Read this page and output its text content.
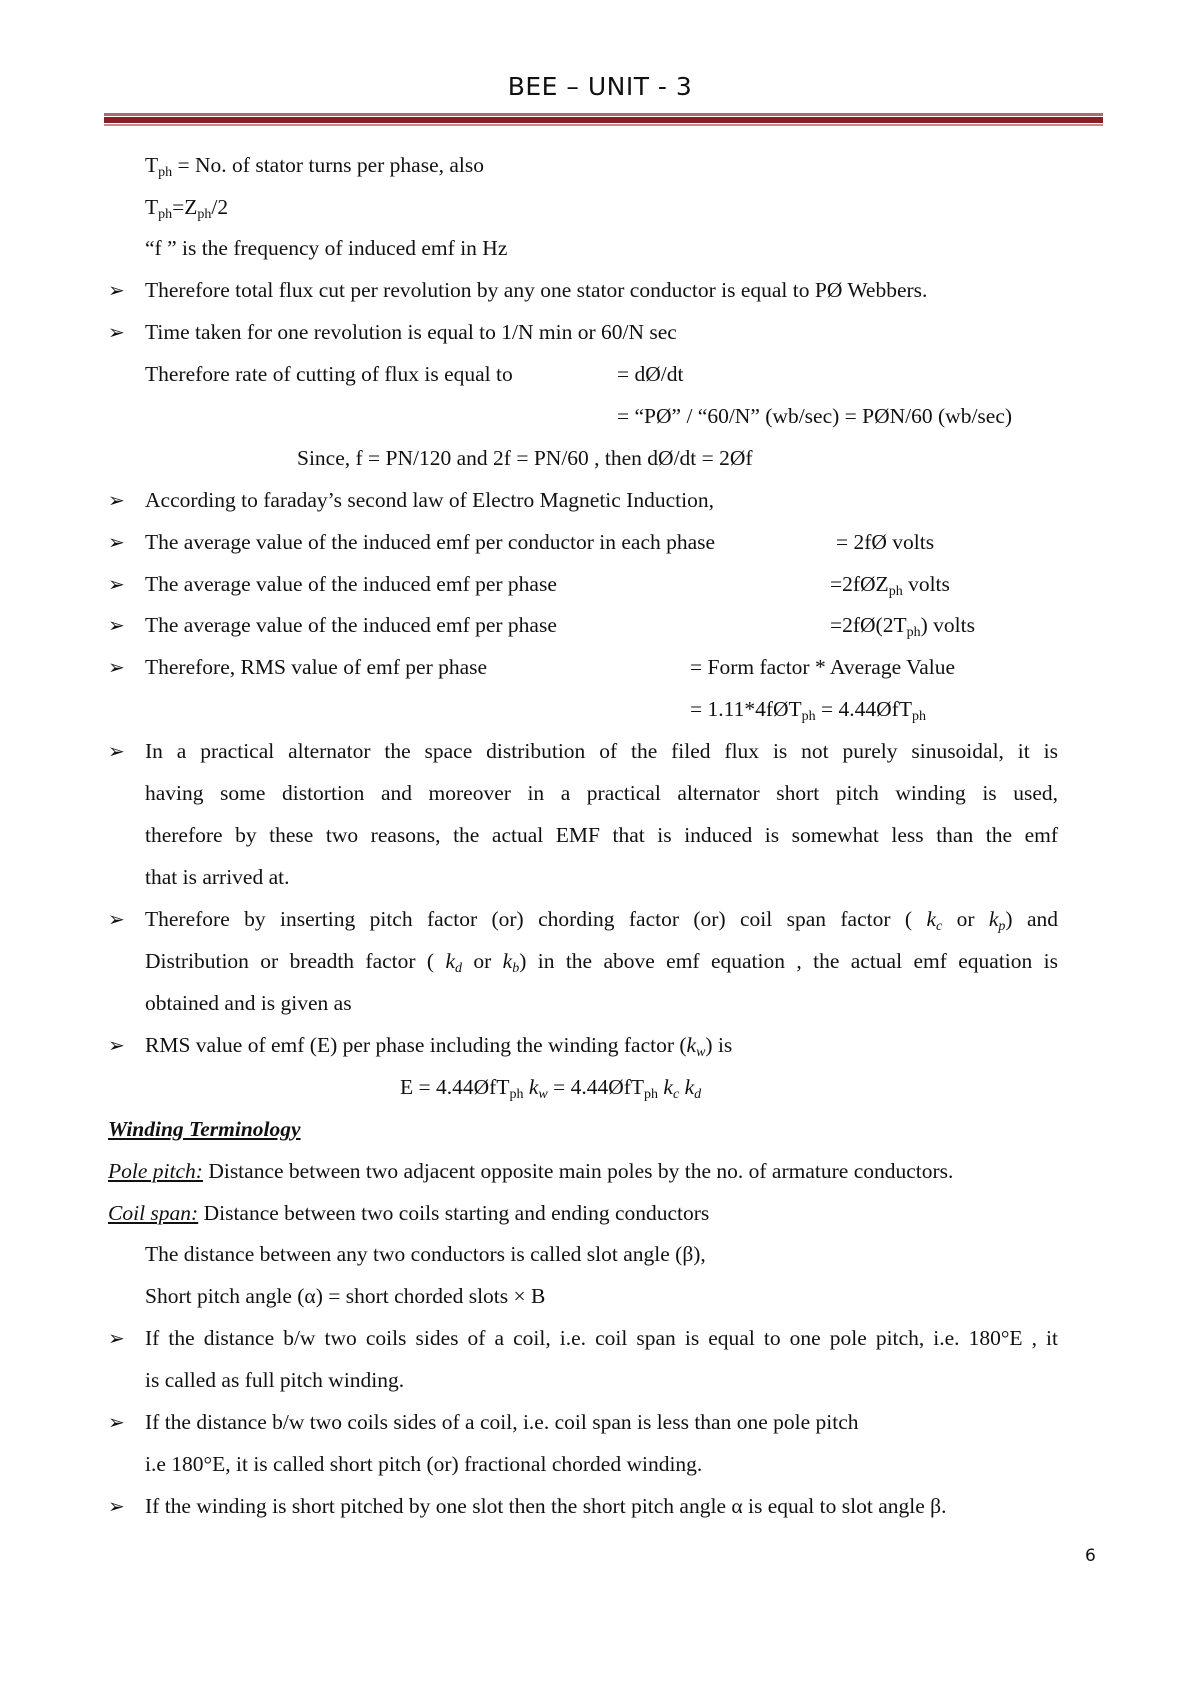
BEE – UNIT - 3
$T_{ph} = No$. of stator turns per phase, also
$T_{ph}=Z_{ph}/2$
“f ” is the frequency of induced emf in Hz
➢ Therefore total flux cut per revolution by any one stator conductor is equal to PØ Webbers.
➢ Time taken for one revolution is equal to 1/N min or 60/N sec
Therefore rate of cutting of flux is equal to	= dØ/dt
= “PØ” / “60/N” (wb/sec) = PØN/60 (wb/sec)
Since, f = PN/120 and 2f = PN/60 , then dØ/dt = 2Øf
➢ According to faraday’s second law of Electro Magnetic Induction,
➢ The average value of the induced emf per conductor in each phase	= 2fØ volts
➢ The average value of the induced emf per phase	=2fØZ$_{ph}$ volts
➢ The average value of the induced emf per phase	$=2fØ(2T_{ph})$ volts
➢ Therefore, RMS value of emf per phase	= Form factor * Average Value
= 1.11*4fØT$_{ph}$ = 4.44ØfT$_{ph}$
➢ In a practical alternator the space distribution of the filed flux is not purely sinusoidal, it is
having some distortion and moreover in a practical alternator short pitch winding is used,
therefore by these two reasons, the actual EMF that is induced is somewhat less than the emf
that is arrived at.
➢ Therefore by inserting pitch factor (or) chording factor (or) coil span factor ( $k_c$ or $k_p$) and
Distribution or breadth factor ( $k_d$ or $k_b$) in the above emf equation , the actual emf equation is
obtained and is given as
➢ RMS value of emf (E) per phase including the winding factor $(k_w)$ is
E = 4.44ØfT$_{ph}$ $k_w$ = 4.44ØfT$_{ph}$ $k_c$ $k_d$
Winding Terminology
Pole pitch: Distance between two adjacent opposite main poles by the no. of armature conductors.
Coil span: Distance between two coils starting and ending conductors
The distance between any two conductors is called slot angle (β),
Short pitch angle (α) = short chorded slots × B
➢ If the distance b/w two coils sides of a coil, i.e. coil span is equal to one pole pitch, i.e. 180°E , it
is called as full pitch winding.
➢ If the distance b/w two coils sides of a coil, i.e. coil span is less than one pole pitch
i.e 180°E, it is called short pitch (or) fractional chorded winding.
➢ If the winding is short pitched by one slot then the short pitch angle α is equal to slot angle β.
6
